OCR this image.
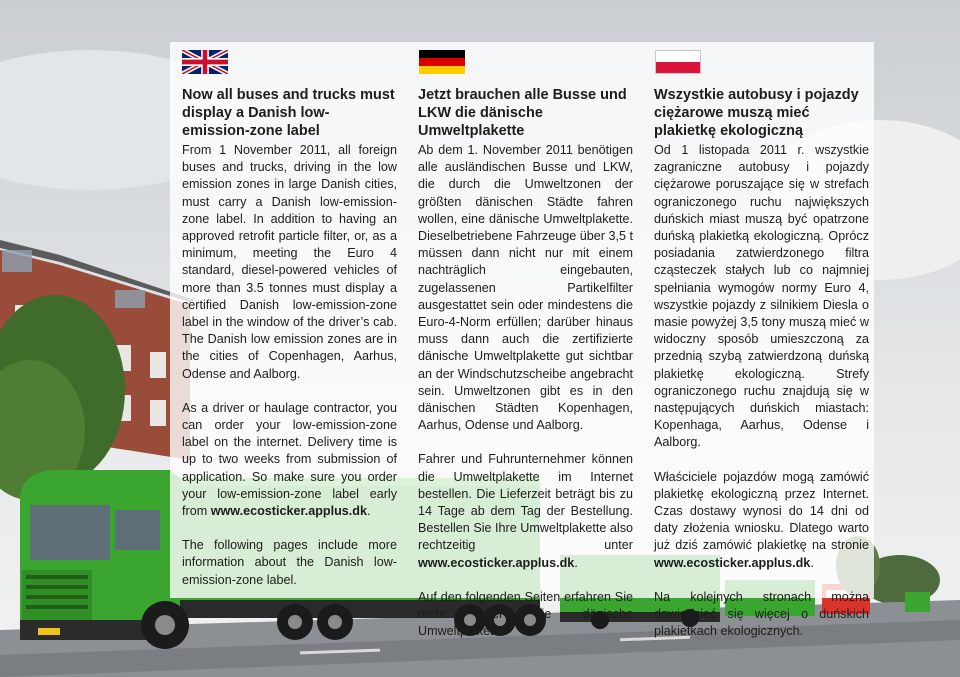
Now all buses and trucks must display a Danish low-emission-zone label

From 1 November 2011, all foreign buses and trucks, driving in the low emission zones in large Danish cities, must carry a Danish low-emission-zone label. In addition to having an approved retrofit particle filter, or, as a minimum, meeting the Euro 4 standard, diesel-powered vehicles of more than 3.5 tonnes must display a certified Danish low-emission-zone label in the window of the driver’s cab. The Danish low emission zones are in the cities of Copenhagen, Aarhus, Odense and Aalborg.

As a driver or haulage contractor, you can order your low-emission-zone label on the internet. Delivery time is up to two weeks from submission of application. So make sure you order your low-emission-zone label early from www.ecosticker.applus.dk.

The following pages include more information about the Danish low-emission-zone label.

Jetzt brauchen alle Busse und LKW die dänische Umweltplakette

Ab dem 1. November 2011 benötigen alle ausländischen Busse und LKW, die durch die Umweltzonen der größten dänischen Städte fahren wollen, eine dänische Umweltplakette. Dieselbetriebene Fahrzeuge über 3,5 t müssen dann nicht nur mit einem nachträglich eingebauten, zugelassenen Partikelfilter ausgestattet sein oder mindestens die Euro-4-Norm erfüllen; darüber hinaus muss dann auch die zertifizierte dänische Umweltplakette gut sichtbar an der Windschutzscheibe angebracht sein. Umweltzonen gibt es in den dänischen Städten Kopenhagen, Aarhus, Odense und Aalborg.

Fahrer und Fuhrunternehmer können die Umweltplakette im Internet bestellen. Die Lieferzeit beträgt bis zu 14 Tage ab dem Tag der Bestellung. Bestellen Sie Ihre Umweltplakette also rechtzeitig unter www.ecosticker.applus.dk.

Auf den folgenden Seiten erfahren Sie mehr über die dänische Umweltplakette.

Wszystkie autobusy i pojazdy ciężarowe muszą mieć plakietkę ekologiczną

Od 1 listopada 2011 r. wszystkie zagraniczne autobusy i pojazdy ciężarowe poruszające się w strefach ograniczonego ruchu największych duńskich miast muszą być opatrzone duńską plakietką ekologiczną. Oprócz posiadania zatwierdzonego filtra cząsteczek stałych lub co najmniej spełniania wymogów normy Euro 4, wszystkie pojazdy z silnikiem Diesla o masie powyżej 3,5 tony muszą mieć w widoczny sposób umieszczoną za przednią szybą zatwierdzoną duńską plakietkę ekologiczną. Strefy ograniczonego ruchu znajdują się w następujących duńskich miastach: Kopenhaga, Aarhus, Odense i Aalborg.

Właściciele pojazdów mogą zamówić plakietkę ekologiczną przez Internet. Czas dostawy wynosi do 14 dni od daty złożenia wniosku. Dlatego warto już dziś zamówić plakietkę na stronie www.ecosticker.applus.dk.

Na kolejnych stronach można dowiedzieć się więcej o duńskich plakietkach ekologicznych.
